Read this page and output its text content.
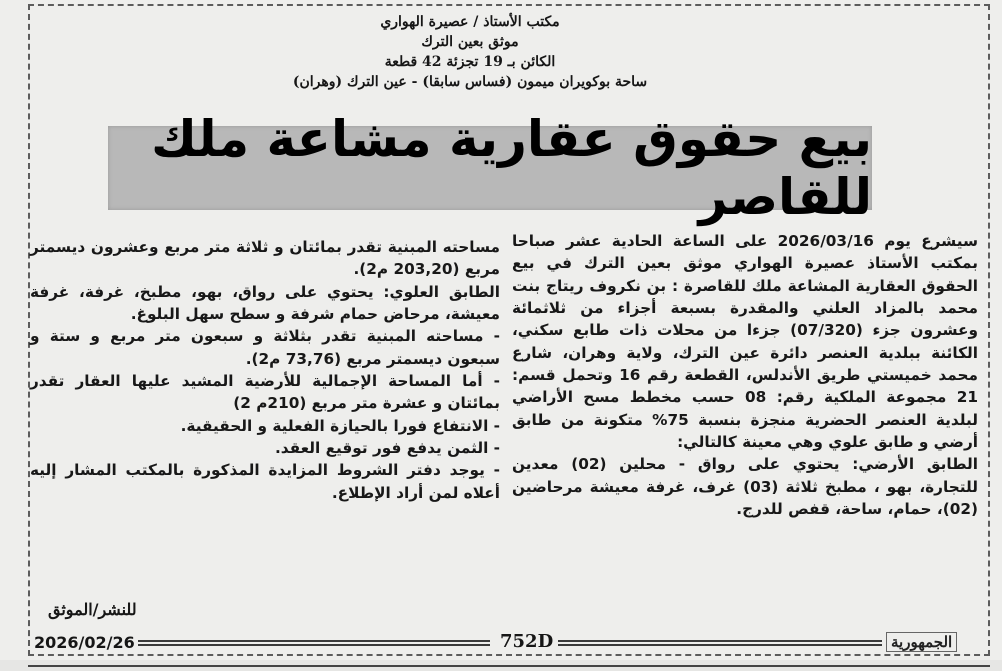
مكتب الأستاذ / عصيرة الهواري
موثق بعين الترك
الكائن بـ 19 تجزئة 42 قطعة
ساحة بوكويران ميمون (فساس سابقا) - عين الترك (وهران)
بيع حقوق عقارية مشاعة ملك للقاصر

سيشرع يوم 2026/03/16 على الساعة الحادية عشر صباحا بمكتب الأستاذ عصيرة الهواري موثق بعين الترك في بيع الحقوق العقارية المشاعة ملك للقاصرة : بن نكروف ريتاج بنت محمد بالمزاد العلني والمقدرة بسبعة أجزاء من ثلاثمائة وعشرون جزء (07/320) جزءا من محلات ذات طابع سكني، الكائنة ببلدية العنصر دائرة عين الترك، ولاية وهران، شارع محمد خميستي طريق الأندلس، القطعة رقم 16 وتحمل قسم: 21 مجموعة الملكية رقم: 08 حسب مخطط مسح الأراضي لبلدية العنصر الحضرية منجزة بنسبة 75% متكونة من طابق أرضي و طابق علوي وهي معينة كالتالي:

الطابق الأرضي: يحتوي على رواق - محلين (02) معدين للتجارة، بهو ، مطبخ ثلاثة (03) غرف، غرفة معيشة مرحاضين (02)، حمام، ساحة، قفص للدرج.

مساحته المبنية تقدر بمائتان و ثلاثة متر مربع وعشرون ديسمتر مربع (203,20 م2).

الطابق العلوي: يحتوي على رواق، بهو، مطبخ، غرفة، غرفة معيشة، مرحاض حمام شرفة و سطح سهل البلوغ.

- مساحته المبنية تقدر بثلاثة و سبعون متر مربع و ستة و سبعون ديسمتر مربع (73,76 م2).

- أما المساحة الإجمالية للأرضية المشيد عليها العقار تقدر بمائتان و عشرة متر مربع (210م 2)

- الانتفاع فورا بالحيازة الفعلية و الحقيقية.

- الثمن يدفع فور توقيع العقد.

- يوجد دفتر الشروط المزايدة المذكورة بالمكتب المشار إليه أعلاه لمن أراد الإطلاع.

للنشر/الموثق
2026/02/26	752D	الجمهورية
